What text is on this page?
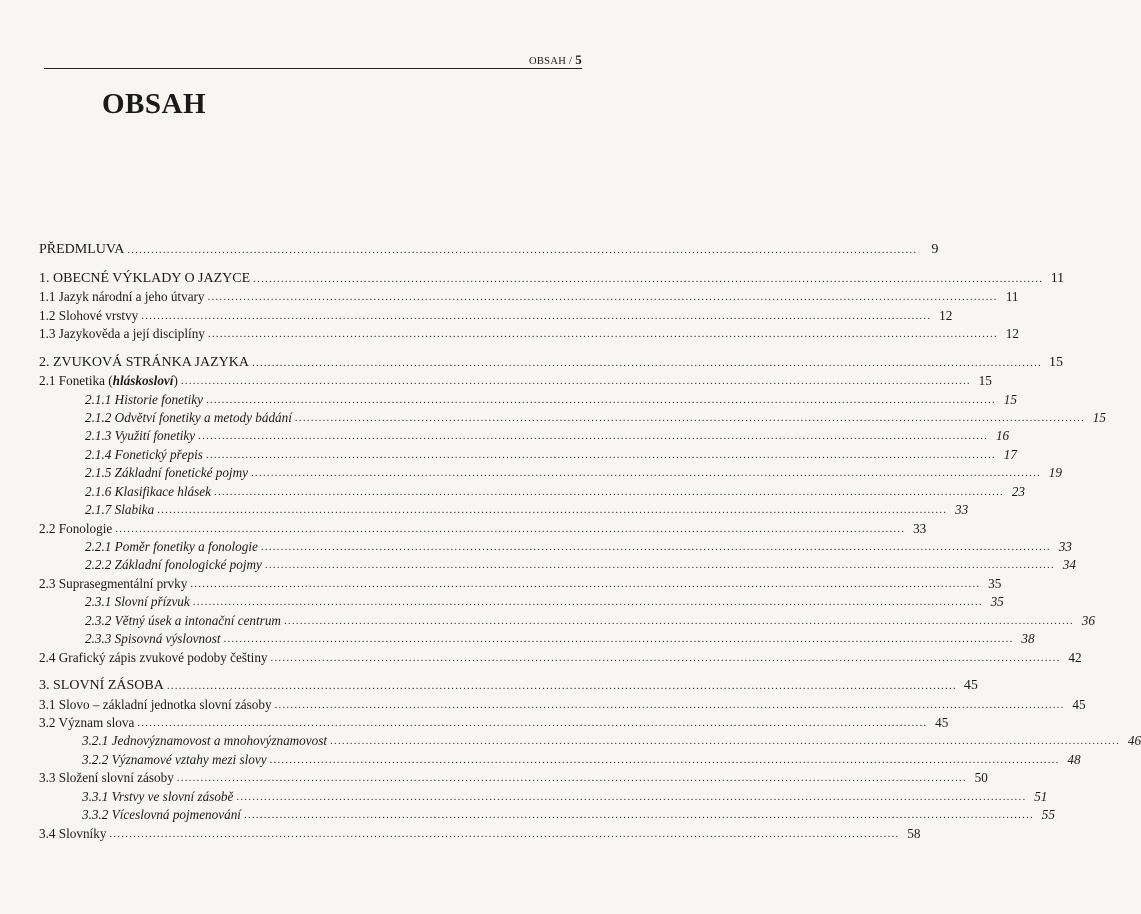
OBSAH / 5
OBSAH
PŘEDMLUVA ........................................................................................................................................................................................................	9
1. OBECNÉ VÝKLADY O JAZYCE ........................................................................................................................................................................................................ 11
1.1 Jazyk národní a jeho útvary ........................................................................................................................................................................................................ 11
1.2 Slohové vrstvy ........................................................................................................................................................................................................ 12
1.3 Jazykověda a její disciplíny ........................................................................................................................................................................................................ 12
2. ZVUKOVÁ STRÁNKA JAZYKA ........................................................................................................................................................................................................ 15
2.1 Fonetika (hláskosloví) ........................................................................................................................................................................................................ 15
2.1.1 Historie fonetiky ........................................................................................................................................................................................................ 15
2.1.2 Odvětví fonetiky a metody bádání ........................................................................................................................................................................................................ 15
2.1.3 Využití fonetiky ........................................................................................................................................................................................................ 16
2.1.4 Fonetický přepis ........................................................................................................................................................................................................ 17
2.1.5 Základní fonetické pojmy ........................................................................................................................................................................................................ 19
2.1.6 Klasifikace hlásek ........................................................................................................................................................................................................ 23
2.1.7 Slabika ........................................................................................................................................................................................................ 33
2.2 Fonologie ........................................................................................................................................................................................................ 33
2.2.1 Poměr fonetiky a fonologie ........................................................................................................................................................................................................ 33
2.2.2 Základní fonologické pojmy ........................................................................................................................................................................................................ 34
2.3 Suprasegmentální prvky ........................................................................................................................................................................................................ 35
2.3.1 Slovní přízvuk ........................................................................................................................................................................................................ 35
2.3.2 Větný úsek a intonační centrum ........................................................................................................................................................................................................ 36
2.3.3 Spisovná výslovnost ........................................................................................................................................................................................................ 38
2.4 Grafický zápis zvukové podoby češtiny ........................................................................................................................................................................................................ 42
3. SLOVNÍ ZÁSOBA ........................................................................................................................................................................................................ 45
3.1 Slovo – základní jednotka slovní zásoby ........................................................................................................................................................................................................ 45
3.2 Význam slova ........................................................................................................................................................................................................ 45
3.2.1 Jednovýznamovost a mnohovýznamovost ........................................................................................................................................................................................................ 46
3.2.2 Významové vztahy mezi slovy ........................................................................................................................................................................................................ 48
3.3 Složení slovní zásoby ........................................................................................................................................................................................................ 50
3.3.1 Vrstvy ve slovní zásobě ........................................................................................................................................................................................................ 51
3.3.2 Víceslovná pojmenování ........................................................................................................................................................................................................ 55
3.4 Slovníky ........................................................................................................................................................................................................ 58
